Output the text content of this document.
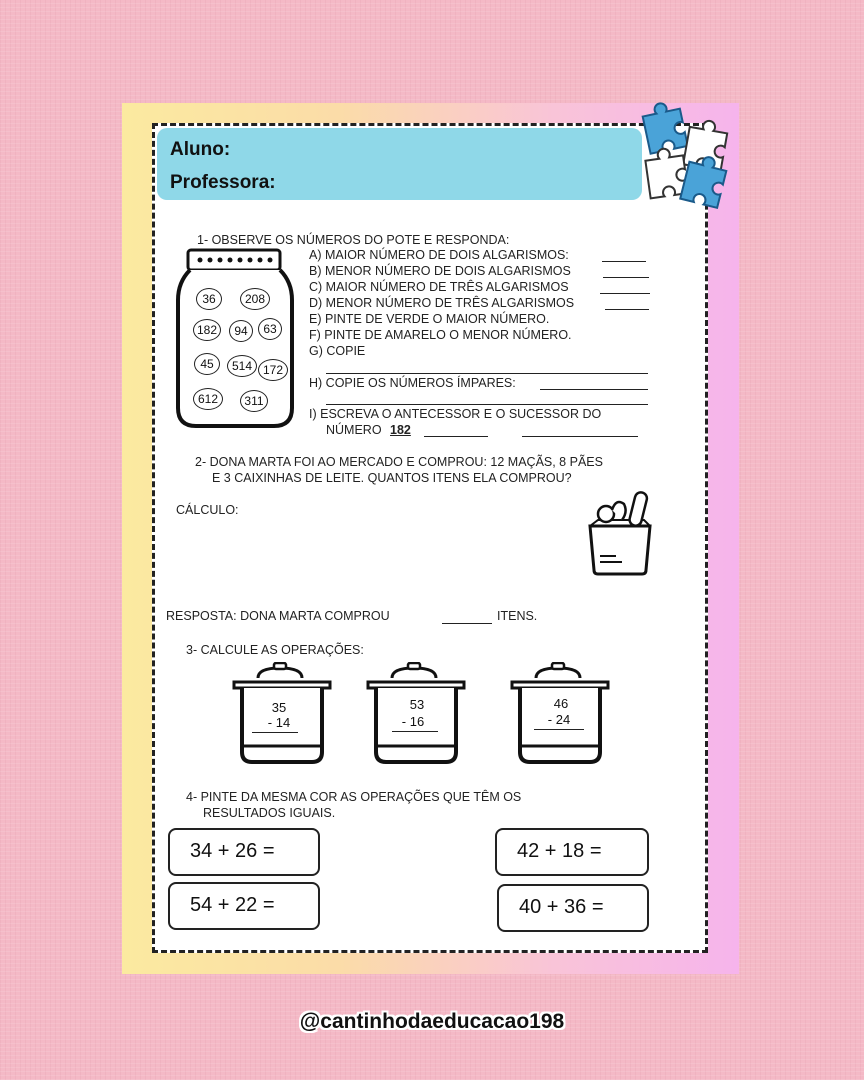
Aluno:
Professora:
1- OBSERVE OS NÚMEROS DO POTE E RESPONDA:
36	208
182	94	63
45	514 172
612	311
A) MAIOR NÚMERO DE DOIS ALGARISMOS:
B) MENOR NÚMERO DE DOIS ALGARISMOS
C) MAIOR NÚMERO DE TRÊS ALGARISMOS
D) MENOR NÚMERO DE TRÊS ALGARISMOS
E) PINTE DE VERDE O MAIOR NÚMERO.
F) PINTE DE AMARELO O MENOR NÚMERO.
G) COPIE
H) COPIE OS NÚMEROS ÍMPARES:
I) ESCREVA O ANTECESSOR E O SUCESSOR DO
NÚMERO 182
2- DONA MARTA FOI AO MERCADO E COMPROU: 12 MAÇÃS, 8 PÃES
E 3 CAIXINHAS DE LEITE. QUANTOS ITENS ELA COMPROU?
CÁLCULO:
RESPOSTA: DONA MARTA COMPROU	ITENS.
3- CALCULE AS OPERAÇÕES:
35
- 14
53
- 16
46
- 24
4- PINTE DA MESMA COR AS OPERAÇÕES QUE TÊM OS
RESULTADOS IGUAIS.
34 + 26 =	42 + 18 =
54 + 22 =	40 + 36 =
@cantinhodaeducacao198
